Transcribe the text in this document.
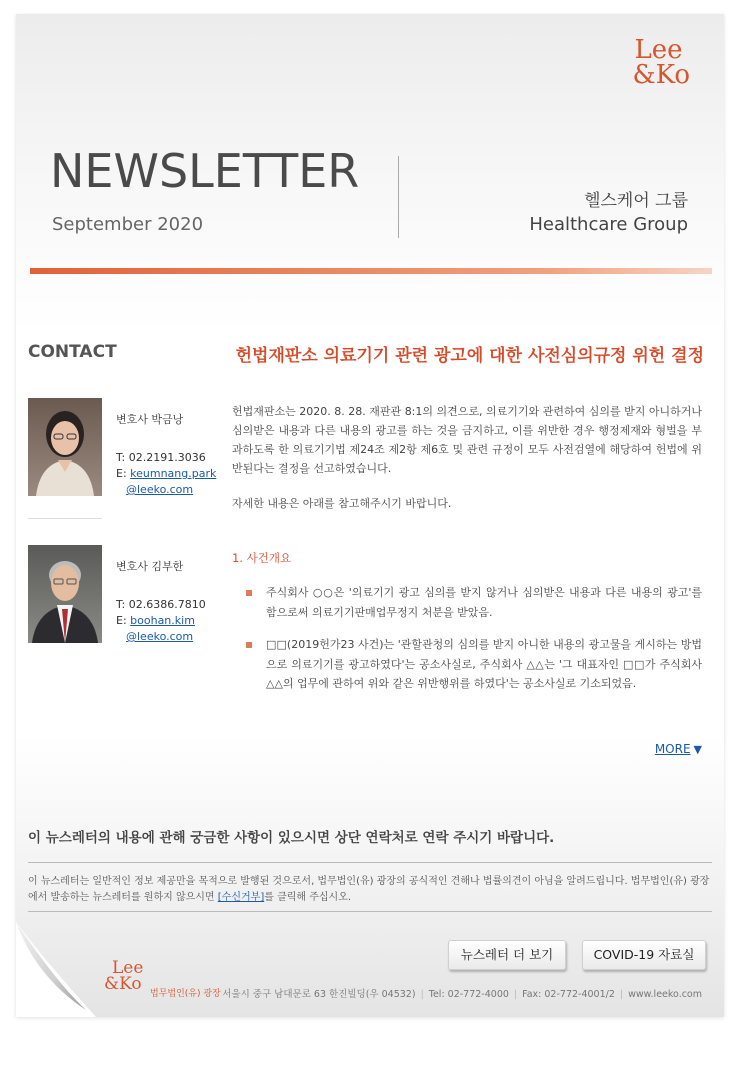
Lee
&Ko
NEWSLETTER
September 2020
헬스케어 그룹
Healthcare Group
CONTACT	헌법재판소 의료기기 관련 광고에 대한 사전심의규정 위헌 결정
변호사 박금낭
T: 02.2191.3036
E: keumnang.park
@leeko.com
변호사 김부한
T: 02.6386.7810
E: boohan.kim
@leeko.com
헌법재판소는 2020. 8. 28. 재판관 8:1의 의견으로, 의료기기와 관련하여 심의를 받지 아니하거나 심의받은 내용과 다른 내용의 광고를 하는 것을 금지하고, 이를 위반한 경우 행정제재와 형벌을 부과하도록 한 의료기기법 제24조 제2항 제6호 및 관련 규정이 모두 사전검열에 해당하여 헌법에 위반된다는 결정을 선고하였습니다.
자세한 내용은 아래를 참고해주시기 바랍니다.
1. 사건개요
주식회사 ○○은 '의료기기 광고 심의를 받지 않거나 심의받은 내용과 다른 내용의 광고'를 함으로써 의료기기판매업무정지 처분을 받았음.
□□(2019헌가23 사건)는 '관할관청의 심의를 받지 아니한 내용의 광고물을 게시하는 방법으로 의료기기를 광고하였다'는 공소사실로, 주식회사 △△는 '그 대표자인 □□가 주식회사 △△의 업무에 관하여 위와 같은 위반행위를 하였다'는 공소사실로 기소되었음.
MORE ▼
이 뉴스레터의 내용에 관해 궁금한 사항이 있으시면 상단 연락처로 연락 주시기 바랍니다.
이 뉴스레터는 일반적인 정보 제공만을 목적으로 발행된 것으로서, 법무법인(유) 광장의 공식적인 견해나 법률의견이 아님을 알려드립니다. 법무법인(유) 광장에서 발송하는 뉴스레터를 원하지 않으시면 [수신거부]를 클릭해 주십시오.
뉴스레터 더 보기	COVID-19 자료실
Lee
&Ko 법무법인(유) 광장 서울시 중구 남대문로 63 한진빌딩(우 04532) | Tel: 02-772-4000 | Fax: 02-772-4001/2 | www.leeko.com
